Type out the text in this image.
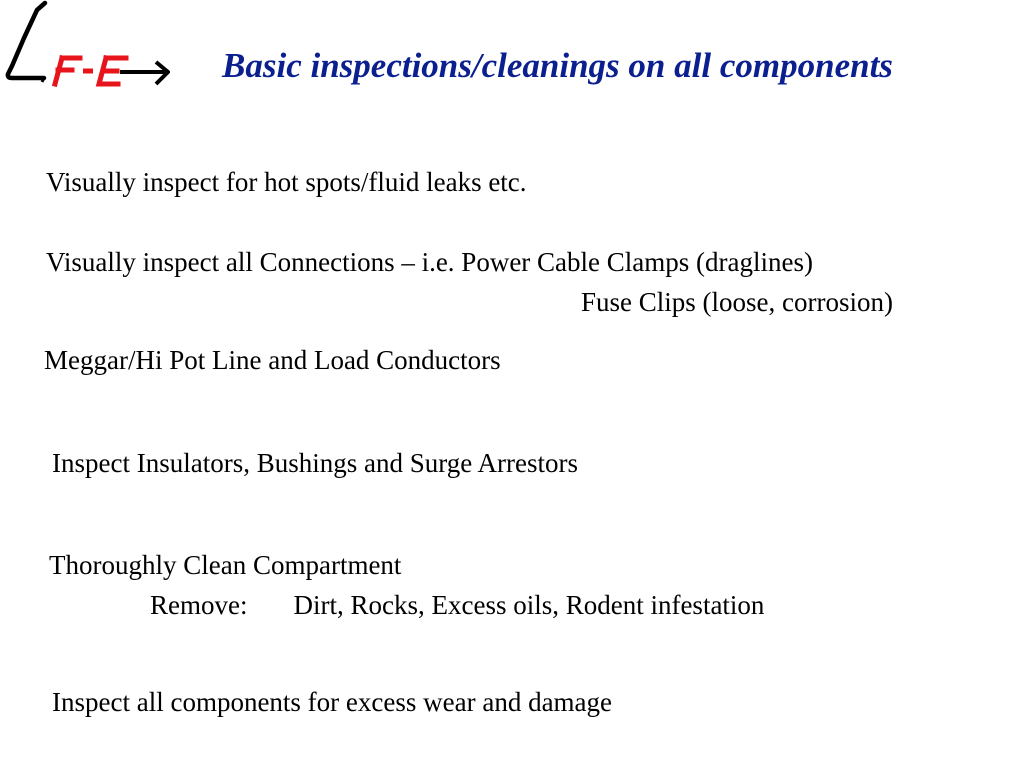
Basic inspections/cleanings on all components
Visually inspect for hot spots/fluid leaks etc.
Visually inspect all Connections – i.e. Power Cable Clamps (draglines)
Fuse Clips (loose, corrosion)
Meggar/Hi Pot Line and Load Conductors
Inspect Insulators, Bushings and Surge Arrestors
Thoroughly Clean Compartment
Remove: Dirt, Rocks, Excess oils, Rodent infestation
Inspect all components for excess wear and damage
